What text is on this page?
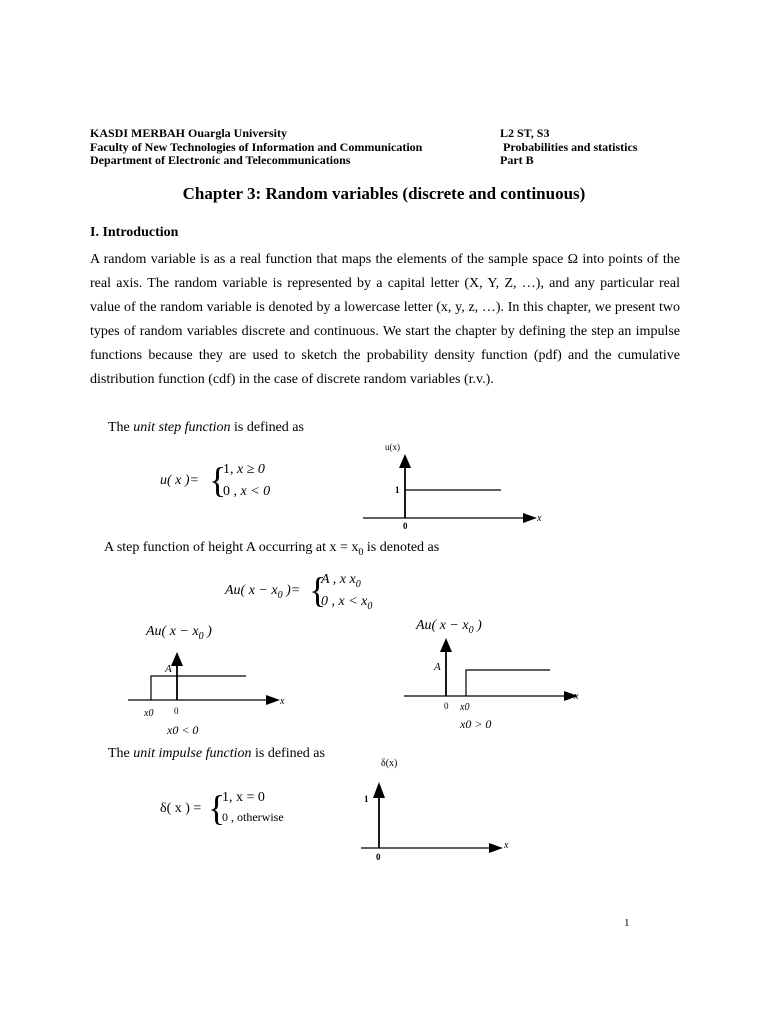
KASDI MERBAH Ouargla University
Faculty of New Technologies of Information and Communication
Department of Electronic and Telecommunications
L2 ST, S3
Probabilities and statistics
Part B
Chapter 3: Random variables (discrete and continuous)
I. Introduction

A random variable is as a real function that maps the elements of the sample space Ω into points of the real axis. The random variable is represented by a capital letter (X, Y, Z, …), and any particular real value of the random variable is denoted by a lowercase letter (x, y, z, …). In this chapter, we present two types of random variables discrete and continuous. We start the chapter by defining the step an impulse functions because they are used to sketch the probability density function (pdf) and the cumulative distribution function (cdf) in the case of discrete random variables (r.v.).

The unit step function is defined as
u( x )= {
1, x ≥ 0
0 , x < 0
u(x)
1
0
x
A step function of height A occurring at $x = x_0$ is denoted as
Au( $x - x_0$ )= {
A , x $x_0$
0 , $x < x_0$
Au( $x - x_0$ )
A
x0 0
x
x0 < 0
Au( $x - x_0$ )
A
0 x0
x
x0 > 0
The unit impulse function is defined as
δ( x ) = {
1, x = 0
0 , otherwise
δ(x)
1
0
x
1
